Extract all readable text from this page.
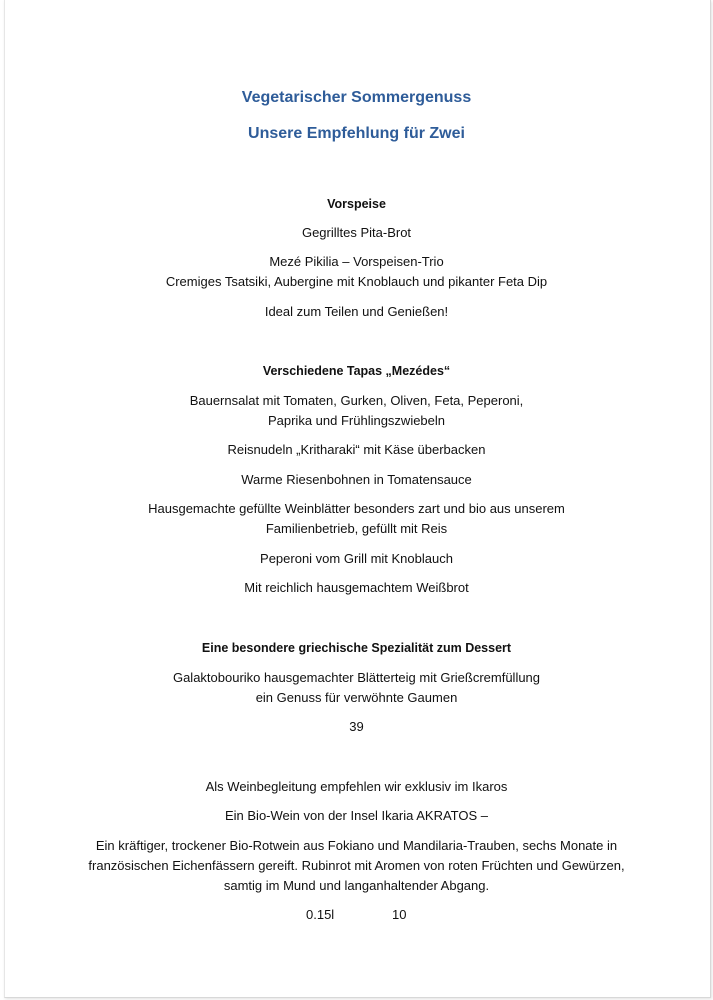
Vegetarischer Sommergenuss
Unsere Empfehlung für Zwei
Vorspeise
Gegrilltes Pita-Brot
Mezé Pikilia – Vorspeisen-Trio
Cremiges Tsatsiki, Aubergine mit Knoblauch und pikanter Feta Dip
Ideal zum Teilen und Genießen!
Verschiedene Tapas „Mezédes“
Bauernsalat mit Tomaten, Gurken, Oliven, Feta, Peperoni,
Paprika und Frühlingszwiebeln
Reisnudeln „Kritharaki“ mit Käse überbacken
Warme Riesenbohnen in Tomatensauce
Hausgemachte gefüllte Weinblätter besonders zart und bio aus unserem
Familienbetrieb, gefüllt mit Reis
Peperoni vom Grill mit Knoblauch
Mit reichlich hausgemachtem Weißbrot
Eine besondere griechische Spezialität zum Dessert
Galaktobouriko hausgemachter Blätterteig mit Grießcremfüllung
ein Genuss für verwöhnte Gaumen
39
Als Weinbegleitung empfehlen wir exklusiv im Ikaros
Ein Bio-Wein von der Insel Ikaria AKRATOS –
Ein kräftiger, trockener Bio-Rotwein aus Fokiano und Mandilaria-Trauben, sechs Monate in
französischen Eichenfässern gereift. Rubinrot mit Aromen von roten Früchten und Gewürzen,
samtig im Mund und langanhaltender Abgang.
0.15l	10
